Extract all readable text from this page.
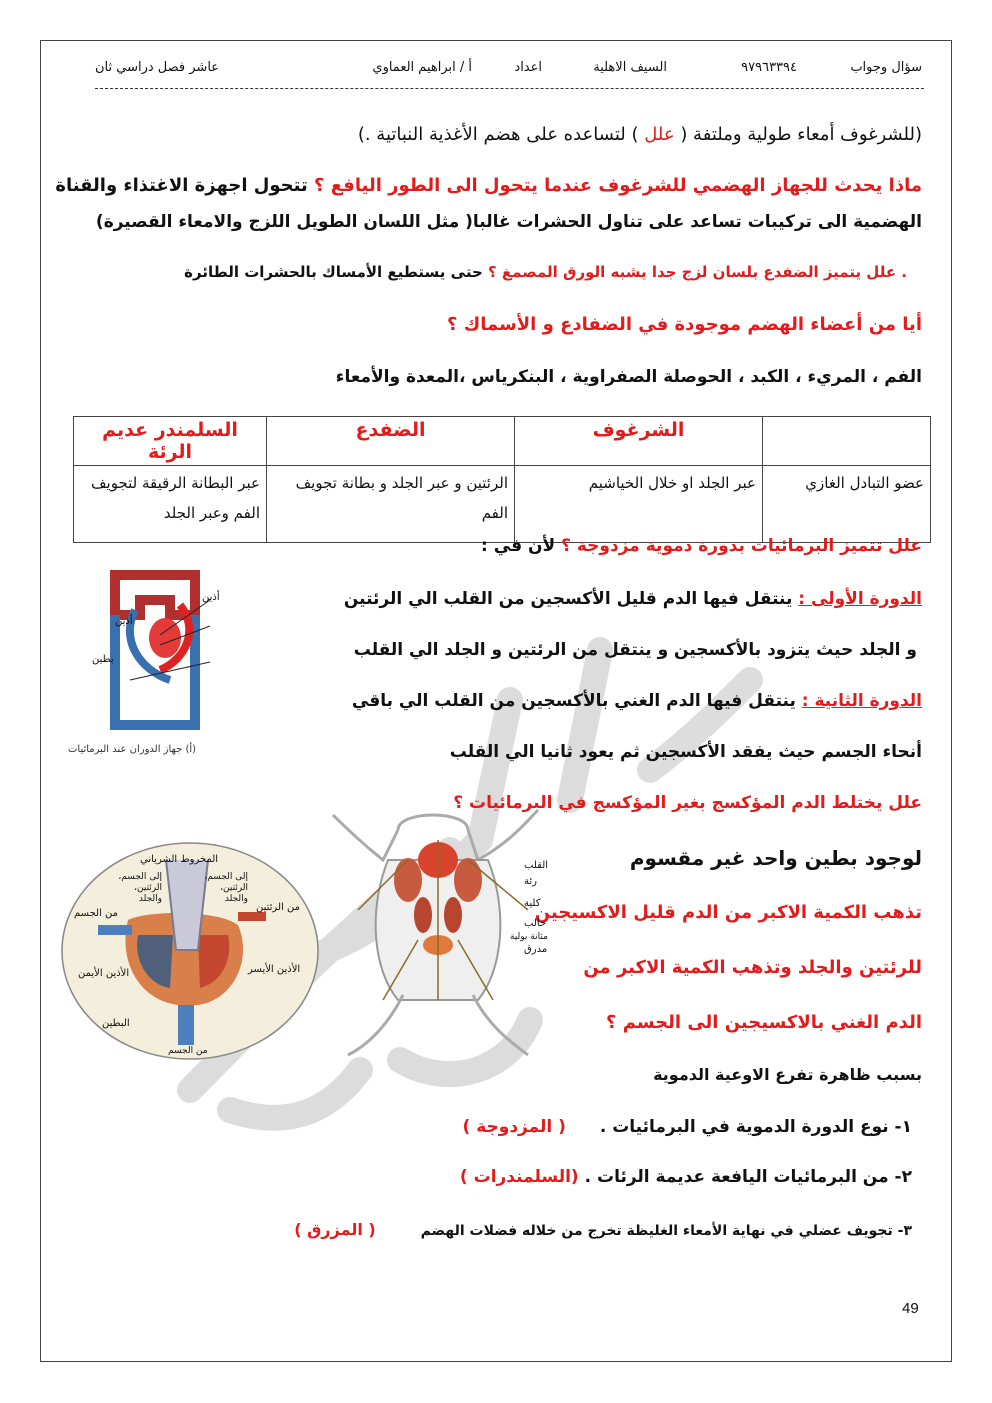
سؤال وجواب
٩٧٩٦٣٣٩٤
السيف الاهلية
اعداد
أ / ابراهيم العماوي
عاشر فصل دراسي ثان
(للشرغوف أمعاء طولية وملتفة ( علل ) لتساعده على هضم الأغذية النباتية .)
ماذا يحدث للجهاز الهضمي للشرغوف عندما يتحول الى الطور اليافع ؟ تتحول اجهزة الاغتذاء والقناة
الهضمية الى تركيبات تساعد على تناول الحشرات غالبا( مثل اللسان الطويل اللزج والامعاء القصيرة)
. علل يتميز الضفدع بلسان لزج جدا يشبه الورق المصمغ ؟ حتى يستطيع الأمساك بالحشرات الطائرة
أيا من أعضاء الهضم موجودة في الضفادع و الأسماك ؟
الفم ، المريء ، الكبد ، الحوصلة الصفراوية ، البنكرياس ،المعدة والأمعاء
	الشرغوف	الضفدع	السلمندر عديم الرئة
عضو التبادل الغازي	عبر الجلد او خلال الخياشيم	الرئتين و عبر الجلد و بطانة تجويف الفم	عبر البطانة الرقيقة لتجويف الفم وعبر الجلد
علل تتميز البرمائيات بدورة دموية مزدوجة ؟ لأن في :
الدورة الأولى : ينتقل فيها الدم قليل الأكسجين من القلب الي الرئتين
و الجلد حيث يتزود بالأكسجين و ينتقل من الرئتين و الجلد الي القلب
الدورة الثانية : ينتقل فيها الدم الغني بالأكسجين من القلب الي باقي
أنحاء الجسم حيث يفقد الأكسجين ثم يعود ثانيا الي القلب
علل يختلط الدم المؤكسج بغير المؤكسج في البرمائيات ؟
لوجود بطين واحد غير مقسوم
تذهب الكمية الاكبر من الدم قليل الاكسيجين
للرئتين والجلد وتذهب الكمية الاكبر من
الدم الغني بالاكسيجين الى الجسم ؟
بسبب ظاهرة تفرع الاوعية الدموية
١- نوع الدورة الدموية في البرمائيات . ( المزدوجة )
٢- من البرمائيات اليافعة عديمة الرئات . (السلمندرات )
٣- تجويف عضلي في نهاية الأمعاء الغليظة تخرج من خلاله فضلات الهضم ( المزرق )
أذين
أذين
بطين
(أ) جهاز الدوران عند البرمائيات
المخروط الشرياني
إلى الجسم، الرئتين، والجلد
إلى الجسم، الرئتين، والجلد
من الجسم
من الرئتين
الأذين الأيسر
الأذين الأيمن
البطين
من الجسم
القلب
رئة
كلية
حالب
مثانة بولية
مدرق
49
